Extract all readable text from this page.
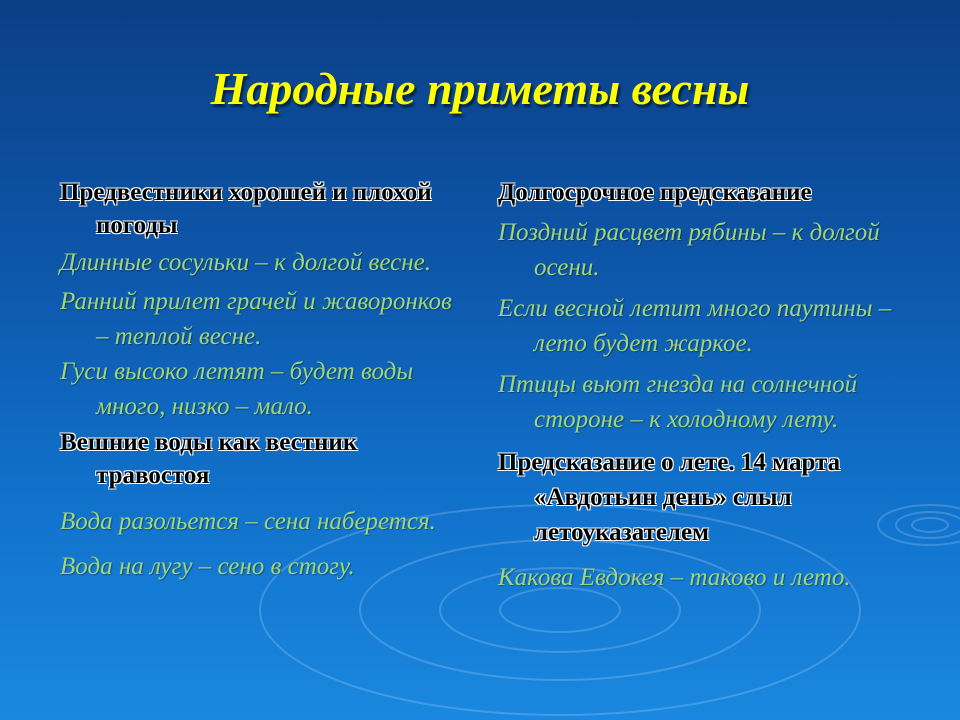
Народные приметы весны

Предвестники хорошей и плохой погоды

Длинные сосульки – к долгой весне.

Ранний прилет грачей и жаворонков – теплой весне.

Гуси высоко летят – будет воды много, низко – мало.

Вешние воды как вестник травостоя

Вода разольется – сена наберется.

Вода на лугу – сено в стогу.

Долгосрочное предсказание

Поздний расцвет рябины – к долгой осени.

Если весной летит много паутины – лето будет жаркое.

Птицы вьют гнезда на солнечной стороне – к холодному лету.

Предсказание о лете. 14 марта «Авдотьин день» слыл летоуказателем

Какова Евдокея – таково и лето.
